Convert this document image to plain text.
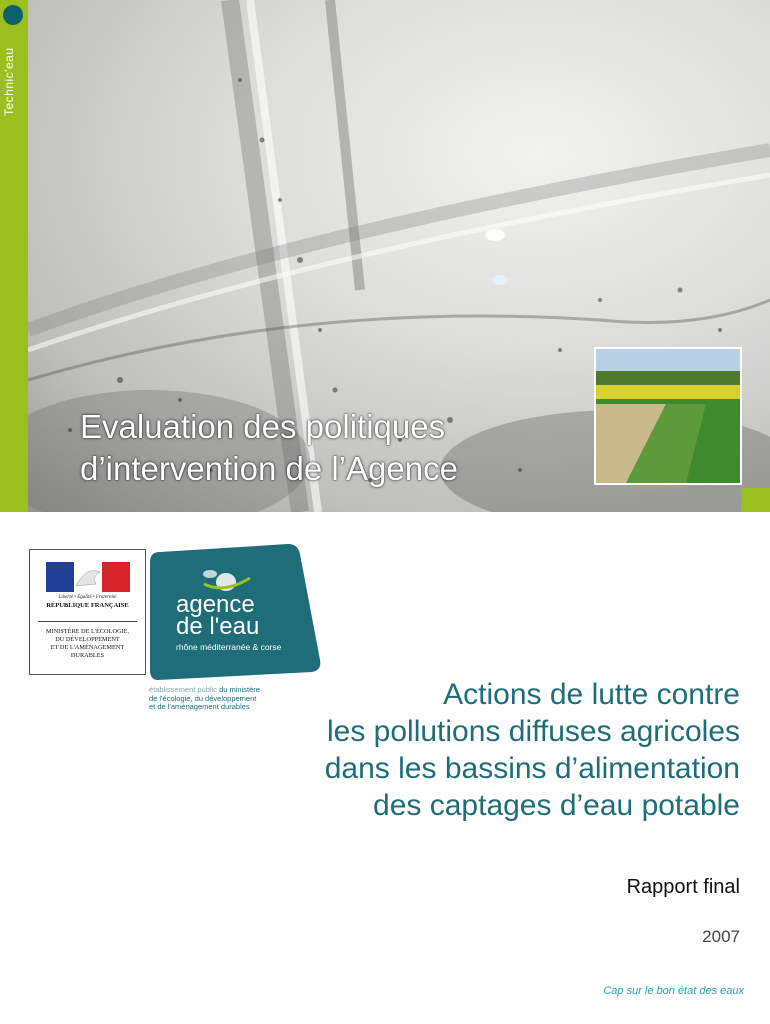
Technic'eau
Evaluation des politiques
d’intervention de l’Agence
Liberté • Égalité • Fraternité
RÉPUBLIQUE FRANÇAISE
MINISTÈRE DE L'ÉCOLOGIE,
DU DÉVELOPPEMENT
ET DE L'AMÉNAGEMENT
DURABLES
agence
de l'eau
rhône méditerranée & corse
établissement public du ministère
de l'écologie, du développement
et de l'aménagement durables	Actions de lutte contre
les pollutions diffuses agricoles
dans les bassins d’alimentation
des captages d’eau potable
Rapport final
2007
Cap sur le bon état des eaux
